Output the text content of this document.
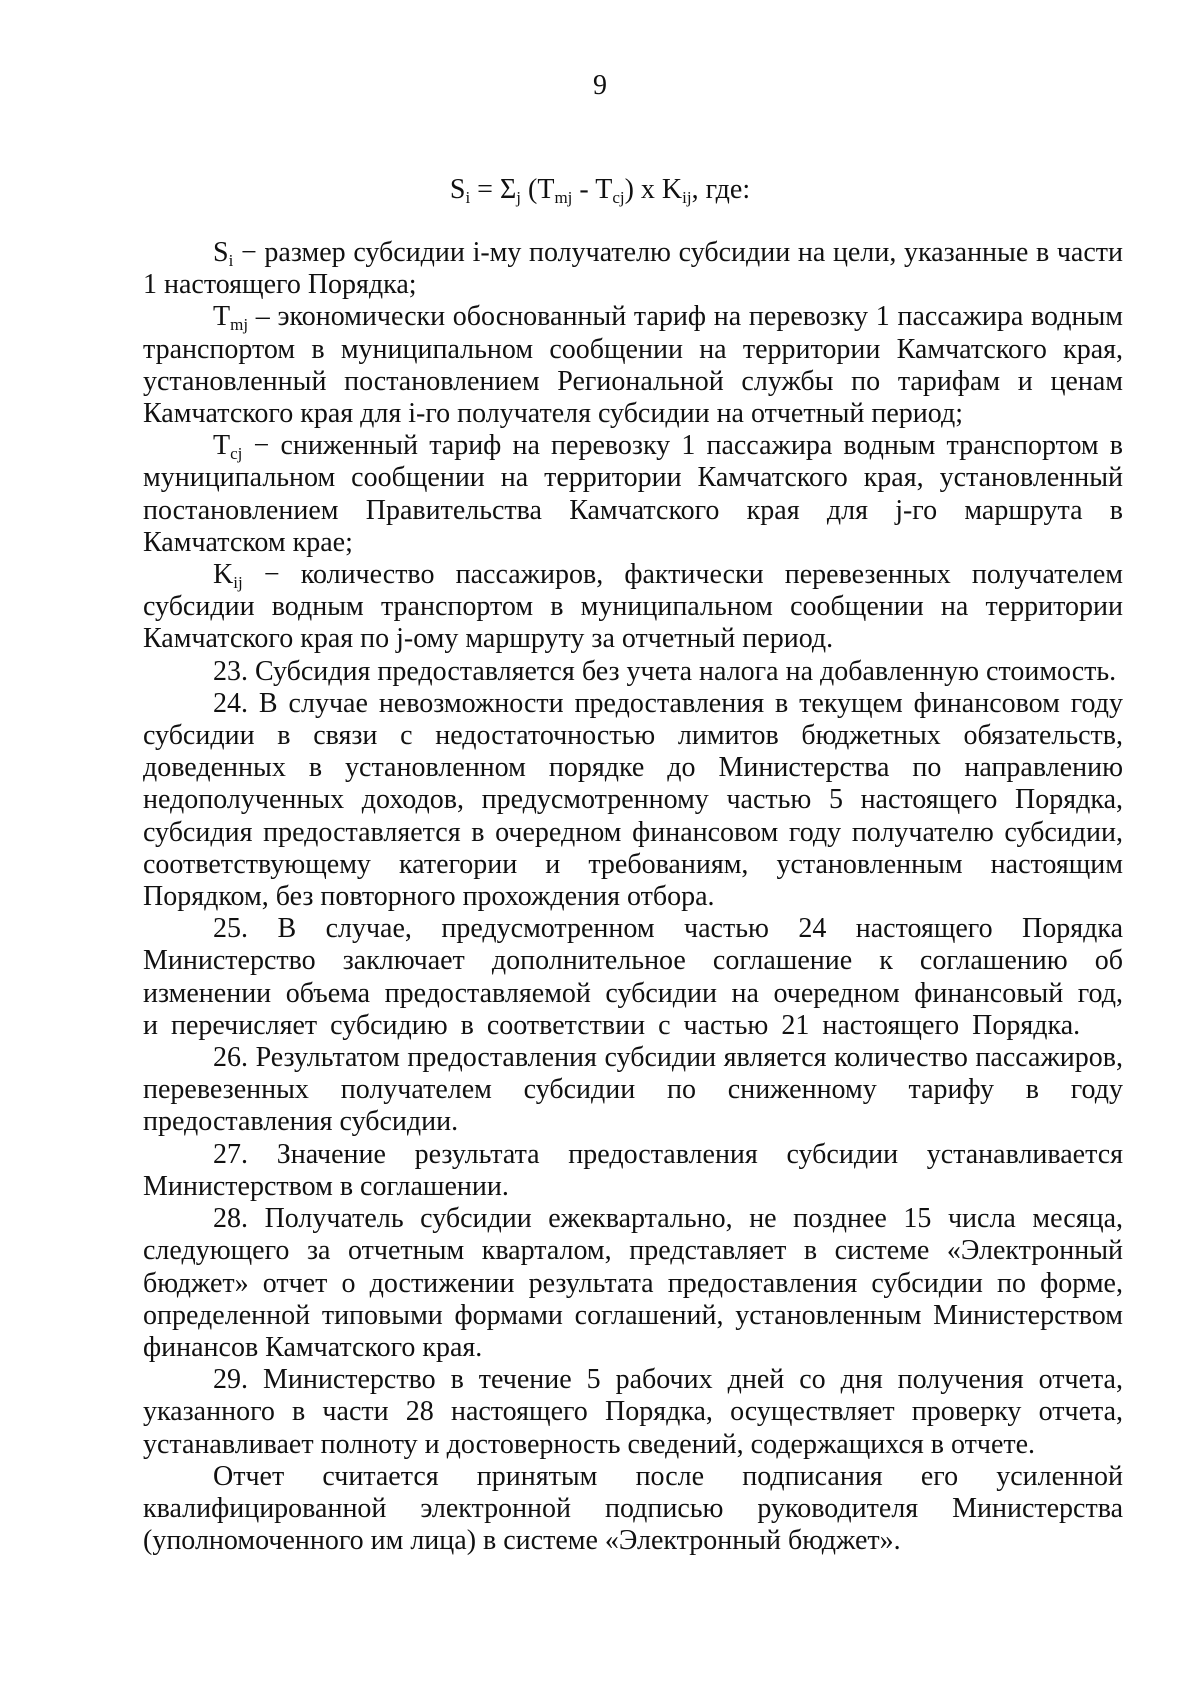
9
$S_i = \Sigma_j$ $(T_{mj} - T_{cj})$ x $K_{ij}$, где:

$S_i$ − размер субсидии i-му получателю субсидии на цели, указанные в части 1 настоящего Порядка;

$T_{mj}$ – экономически обоснованный тариф на перевозку 1 пассажира водным транспортом в муниципальном сообщении на территории Камчатского края, установленный постановлением Региональной службы по тарифам и ценам Камчатского края для i-го получателя субсидии на отчетный период;

$T_{cj}$ − сниженный тариф на перевозку 1 пассажира водным транспортом в муниципальном сообщении на территории Камчатского края, установленный постановлением Правительства Камчатского края для j-го маршрута в Камчатском крае;

$K_{ij}$ − количество пассажиров, фактически перевезенных получателем субсидии водным транспортом в муниципальном сообщении на территории Камчатского края по j-ому маршруту за отчетный период.

23. Субсидия предоставляется без учета налога на добавленную стоимость.

24. В случае невозможности предоставления в текущем финансовом году субсидии в связи с недостаточностью лимитов бюджетных обязательств, доведенных в установленном порядке до Министерства по направлению недополученных доходов, предусмотренному частью 5 настоящего Порядка, субсидия предоставляется в очередном финансовом году получателю субсидии, соответствующему категории и требованиям, установленным настоящим Порядком, без повторного прохождения отбора.

25. В случае, предусмотренном частью 24 настоящего Порядка Министерство заключает дополнительное соглашение к соглашению об изменении объема предоставляемой субсидии на очередном финансовый год, и перечисляет субсидию в соответствии с частью 21 настоящего Порядка.

26. Результатом предоставления субсидии является количество пассажиров, перевезенных получателем субсидии по сниженному тарифу в году предоставления субсидии.

27. Значение результата предоставления субсидии устанавливается Министерством в соглашении.

28. Получатель субсидии ежеквартально, не позднее 15 числа месяца, следующего за отчетным кварталом, представляет в системе «Электронный бюджет» отчет о достижении результата предоставления субсидии по форме, определенной типовыми формами соглашений, установленным Министерством финансов Камчатского края.

29. Министерство в течение 5 рабочих дней со дня получения отчета, указанного в части 28 настоящего Порядка, осуществляет проверку отчета, устанавливает полноту и достоверность сведений, содержащихся в отчете.

Отчет считается принятым после подписания его усиленной квалифицированной электронной подписью руководителя Министерства (уполномоченного им лица) в системе «Электронный бюджет».
